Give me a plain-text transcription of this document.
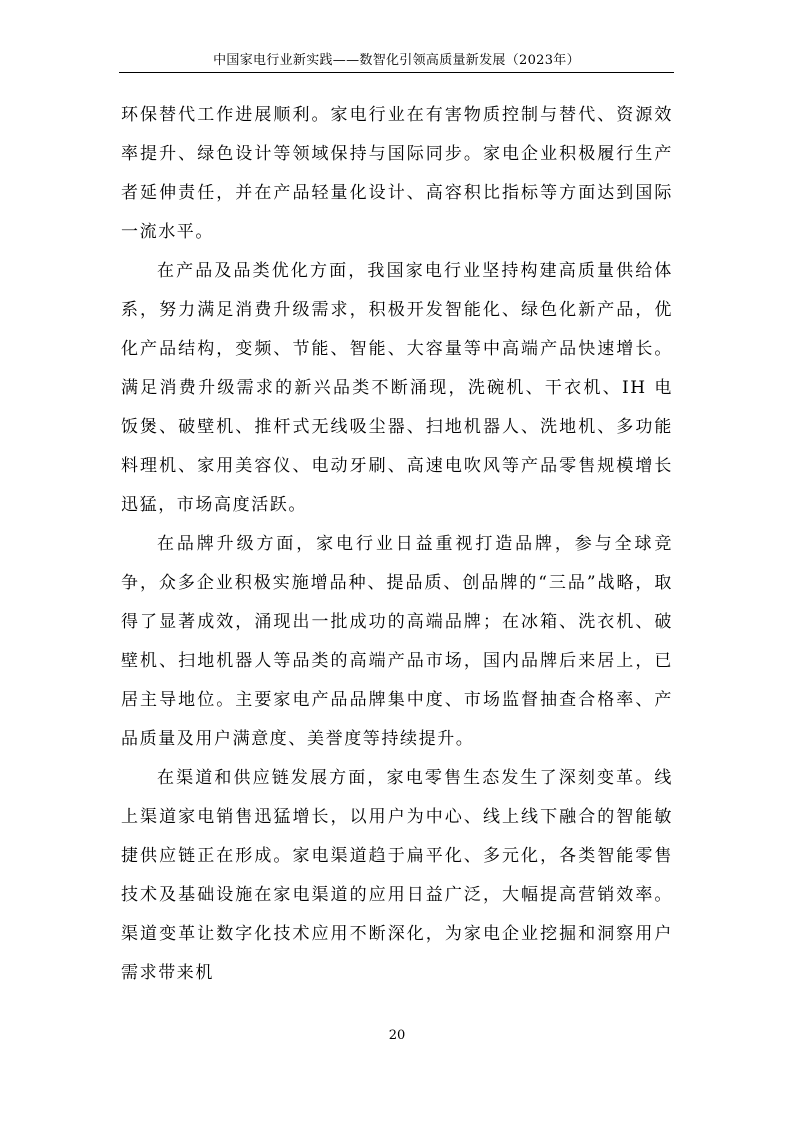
中国家电行业新实践——数智化引领高质量新发展（2023年）

环保替代工作进展顺利。家电行业在有害物质控制与替代、资源效率提升、绿色设计等领域保持与国际同步。家电企业积极履行生产者延伸责任，并在产品轻量化设计、高容积比指标等方面达到国际一流水平。

在产品及品类优化方面，我国家电行业坚持构建高质量供给体系，努力满足消费升级需求，积极开发智能化、绿色化新产品，优化产品结构，变频、节能、智能、大容量等中高端产品快速增长。满足消费升级需求的新兴品类不断涌现，洗碗机、干衣机、IH 电饭煲、破壁机、推杆式无线吸尘器、扫地机器人、洗地机、多功能料理机、家用美容仪、电动牙刷、高速电吹风等产品零售规模增长迅猛，市场高度活跃。

在品牌升级方面，家电行业日益重视打造品牌，参与全球竞争，众多企业积极实施增品种、提品质、创品牌的“三品”战略，取得了显著成效，涌现出一批成功的高端品牌；在冰箱、洗衣机、破壁机、扫地机器人等品类的高端产品市场，国内品牌后来居上，已居主导地位。主要家电产品品牌集中度、市场监督抽查合格率、产品质量及用户满意度、美誉度等持续提升。

在渠道和供应链发展方面，家电零售生态发生了深刻变革。线上渠道家电销售迅猛增长，以用户为中心、线上线下融合的智能敏捷供应链正在形成。家电渠道趋于扁平化、多元化，各类智能零售技术及基础设施在家电渠道的应用日益广泛，大幅提高营销效率。渠道变革让数字化技术应用不断深化，为家电企业挖掘和洞察用户需求带来机

20
